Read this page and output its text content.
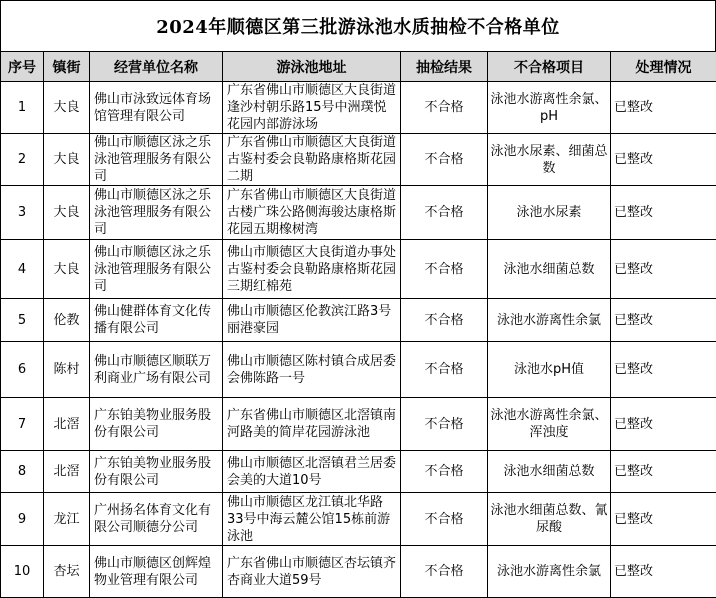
2024年顺德区第三批游泳池水质抽检不合格单位
序号	镇街	经营单位名称	游泳池地址	抽检结果	不合格项目	处理情况
1	大良	佛山市泳致远体育场馆管理有限公司	广东省佛山市顺德区大良街道逢沙村朝乐路15号中洲璞悦花园内部游泳场	不合格	泳池水游离性余氯、pH	已整改
2	大良	佛山市顺德区泳之乐泳池管理服务有限公司	广东省佛山市顺德区大良街道古鉴村委会良勒路康格斯花园二期	不合格	泳池水尿素、细菌总数	已整改
3	大良	佛山市顺德区泳之乐泳池管理服务有限公司	广东省佛山市顺德区大良街道古楼广珠公路侧海骏达康格斯花园五期橡树湾	不合格	泳池水尿素	已整改
4	大良	佛山市顺德区泳之乐泳池管理服务有限公司	佛山市顺德区大良街道办事处古鉴村委会良勒路康格斯花园三期红棉苑	不合格	泳池水细菌总数	已整改
5	伦教	佛山健群体育文化传播有限公司	佛山市顺德区伦教滨江路3号丽港豪园	不合格	泳池水游离性余氯	已整改
6	陈村	佛山市顺德区顺联万利商业广场有限公司	佛山市顺德区陈村镇合成居委会佛陈路一号	不合格	泳池水pH值	已整改
7	北滘	广东铂美物业服务股份有限公司	广东省佛山市顺德区北滘镇南河路美的简岸花园游泳池	不合格	泳池水游离性余氯、浑浊度	已整改
8	北滘	广东铂美物业服务股份有限公司	佛山市顺德区北滘镇君兰居委会美的大道10号	不合格	泳池水细菌总数	已整改
9	龙江	广州扬名体育文化有限公司顺德分公司	佛山市顺德区龙江镇北华路33号中海云麓公馆15栋前游泳池	不合格	泳池水细菌总数、氰尿酸	已整改
10	杏坛	佛山市顺德区创辉煌物业管理有限公司	广东省佛山市顺德区杏坛镇齐杏商业大道59号	不合格	泳池水游离性余氯	已整改
